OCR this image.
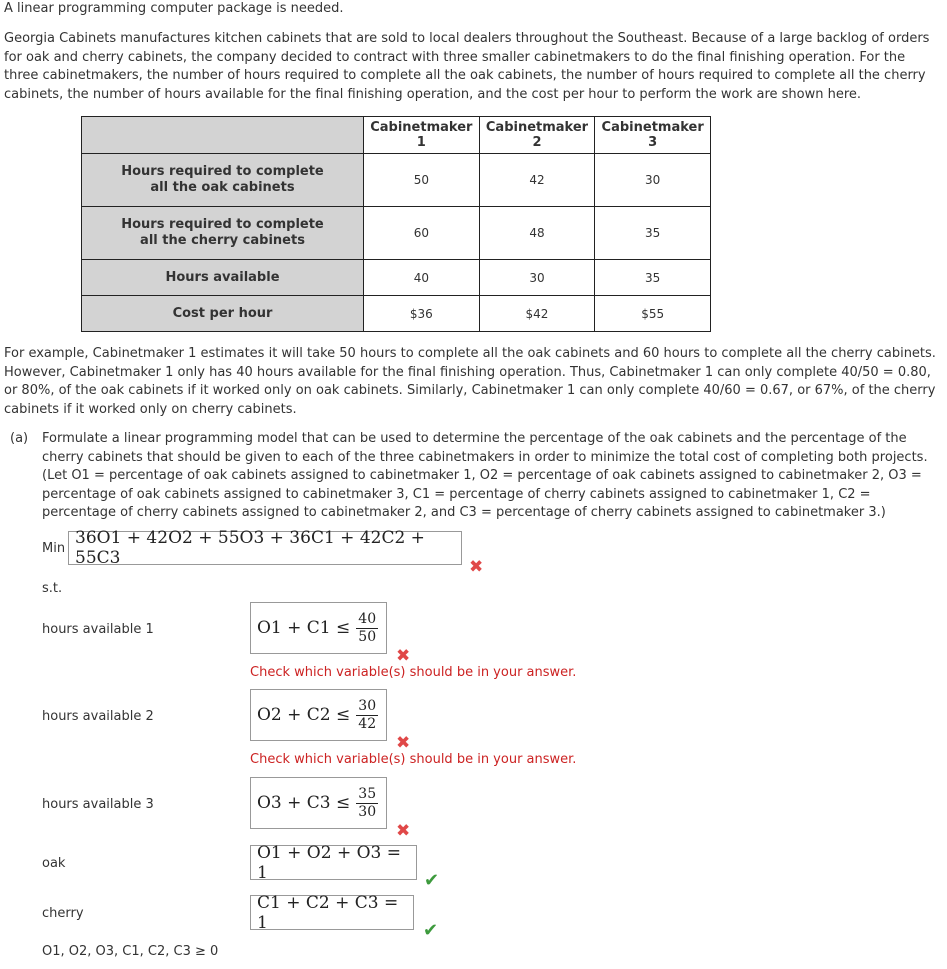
A linear programming computer package is needed.
Georgia Cabinets manufactures kitchen cabinets that are sold to local dealers throughout the Southeast. Because of a large backlog of orders for oak and cherry cabinets, the company decided to contract with three smaller cabinetmakers to do the final finishing operation. For the three cabinetmakers, the number of hours required to complete all the oak cabinets, the number of hours required to complete all the cherry cabinets, the number of hours available for the final finishing operation, and the cost per hour to perform the work are shown here.
	Cabinetmaker 1	Cabinetmaker 2	Cabinetmaker 3
Hours required to complete all the oak cabinets	50	42	30
Hours required to complete all the cherry cabinets	60	48	35
Hours available	40	30	35
Cost per hour	$36	$42	$55
For example, Cabinetmaker 1 estimates it will take 50 hours to complete all the oak cabinets and 60 hours to complete all the cherry cabinets. However, Cabinetmaker 1 only has 40 hours available for the final finishing operation. Thus, Cabinetmaker 1 can only complete 40/50 = 0.80, or 80%, of the oak cabinets if it worked only on oak cabinets. Similarly, Cabinetmaker 1 can only complete 40/60 = 0.67, or 67%, of the cherry cabinets if it worked only on cherry cabinets.
(a) Formulate a linear programming model that can be used to determine the percentage of the oak cabinets and the percentage of the cherry cabinets that should be given to each of the three cabinetmakers in order to minimize the total cost of completing both projects. (Let O1 = percentage of oak cabinets assigned to cabinetmaker 1, O2 = percentage of oak cabinets assigned to cabinetmaker 2, O3 = percentage of oak cabinets assigned to cabinetmaker 3, C1 = percentage of cherry cabinets assigned to cabinetmaker 1, C2 = percentage of cherry cabinets assigned to cabinetmaker 2, and C3 = percentage of cherry cabinets assigned to cabinetmaker 3.)
Min
36O1 + 42O2 + 55O3 + 36C1 + 42C2 + 55C3	✖
s.t.
hours available 1	$O1 + C1 \le \frac{40}{50}$
✖
Check which variable(s) should be in your answer.
hours available 2	$O2 + C2 \le \frac{30}{42}$
✖
Check which variable(s) should be in your answer.
hours available 3	$O3 + C3 \le \frac{35}{30}$
✖
oak
O1 + O2 + O3 = 1	✔
cherry
C1 + C2 + C3 = 1	✔
O1, O2, O3, C1, C2, C3 ≥ 0
